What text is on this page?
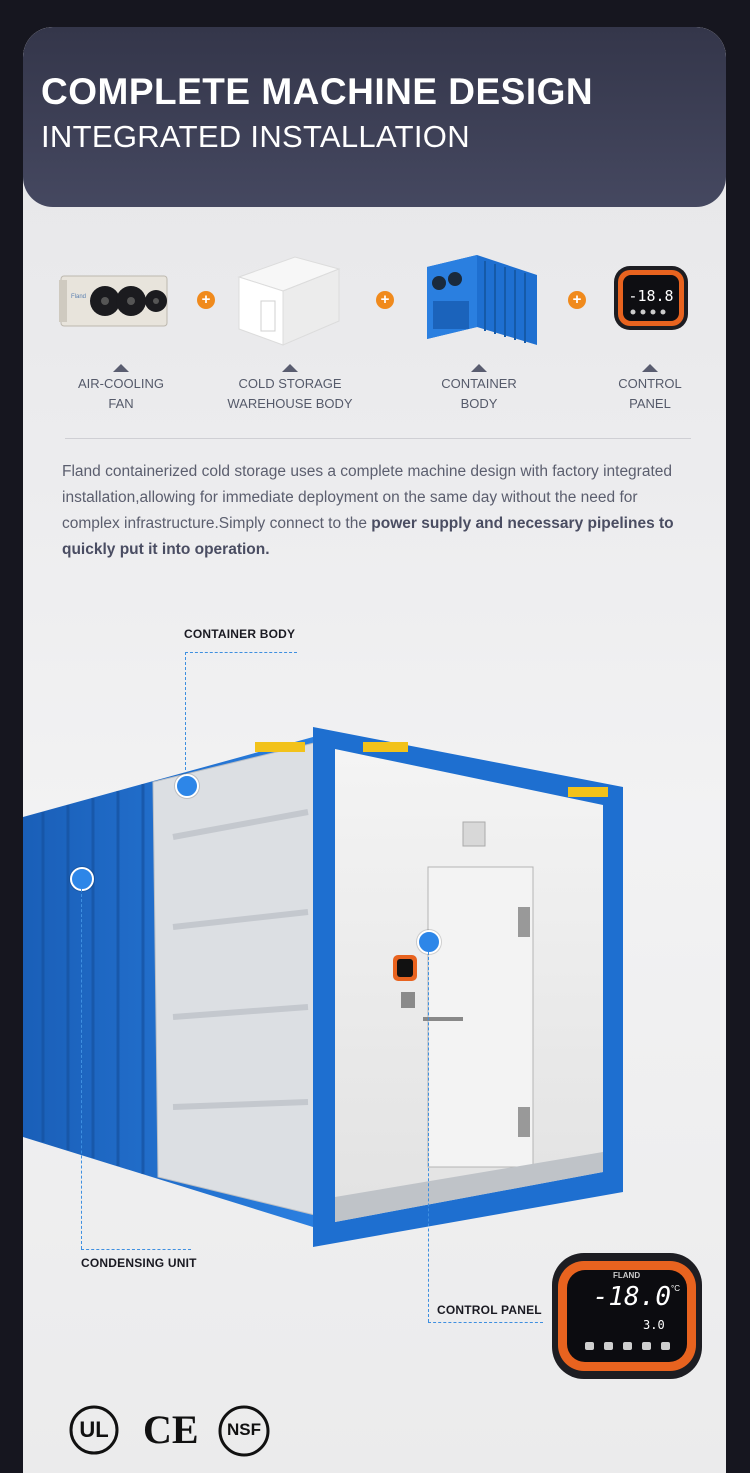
COMPLETE MACHINE DESIGN
INTEGRATED INSTALLATION
Fland	+	+	+	-18.8
AIR-COOLING
FAN
COLD STORAGE
WAREHOUSE BODY
CONTAINER
BODY
CONTROL
PANEL
Fland containerized cold storage uses a complete machine design with factory integrated installation,allowing for immediate deployment on the same day without the need for complex infrastructure.Simply connect to the power supply and necessary pipelines to quickly put it into operation.
CONTAINER BODY
CONDENSING UNIT
CONTROL PANEL
FLAND
-18.0 °C
3.0
UL CE	NSF
